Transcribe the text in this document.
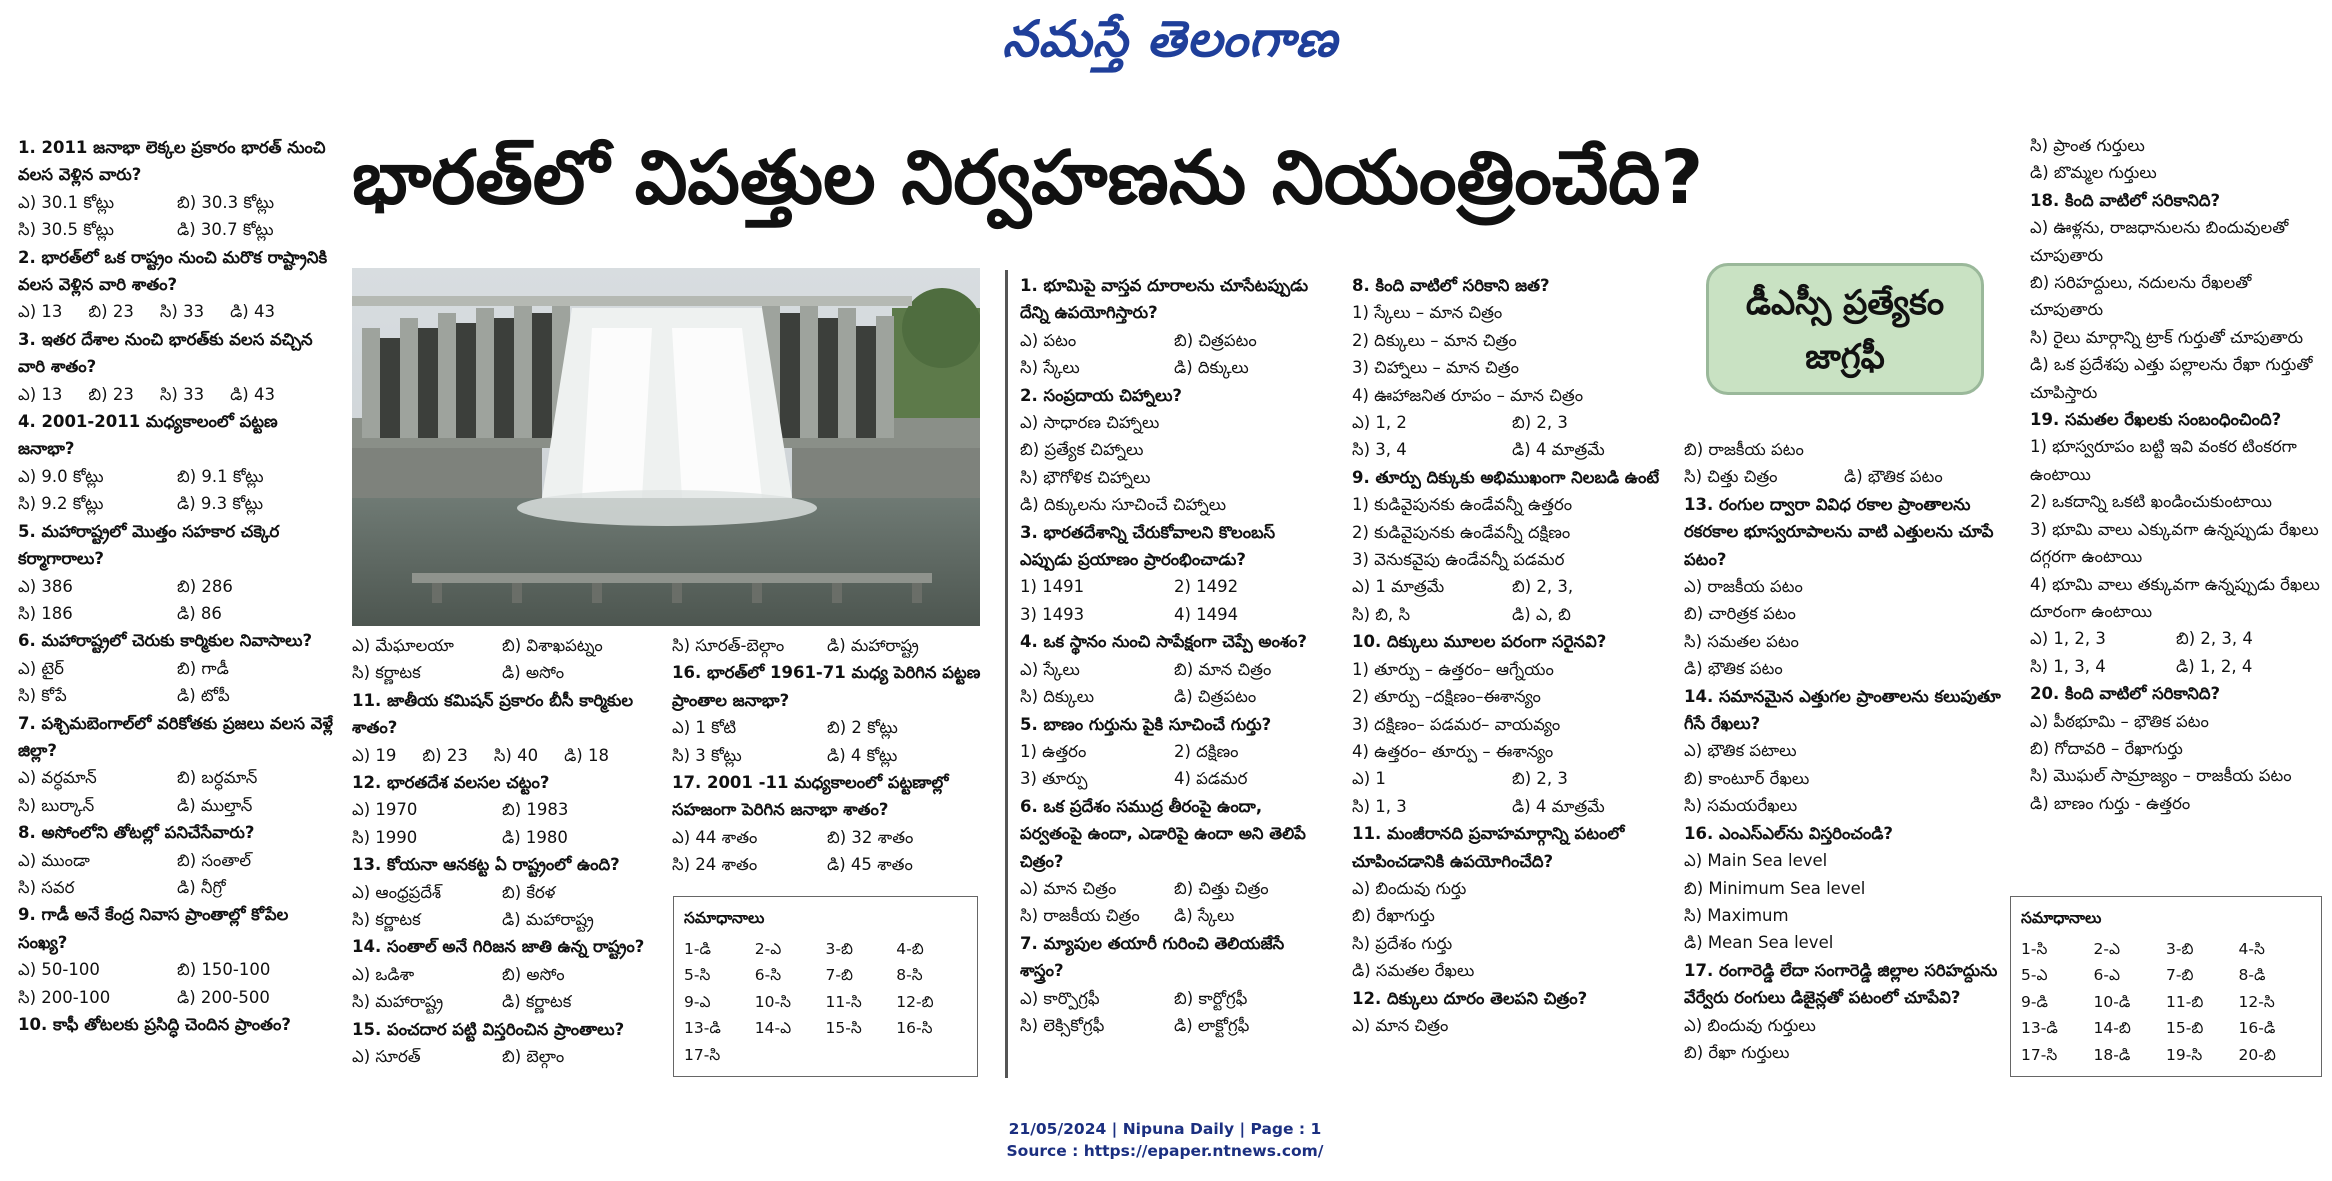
నమస్తే తెలంగాణ
భారత్‌లో విపత్తుల నిర్వహణను నియంత్రించేది?
1. 2011 జనాభా లెక్కల ప్రకారం భారత్ నుంచి వలస వెళ్లిన వారు?
ఎ) 30.1 కోట్లు	బి) 30.3 కోట్లు
సి) 30.5 కోట్లు	డి) 30.7 కోట్లు
2. భారత్‌లో ఒక రాష్ట్రం నుంచి మరొక రాష్ట్రానికి వలస వెళ్లిన వారి శాతం?
ఎ) 13 బి) 23 సి) 33 డి) 43
3. ఇతర దేశాల నుంచి భారత్‌కు వలస వచ్చిన వారి శాతం?
ఎ) 13 బి) 23 సి) 33 డి) 43
4. 2001-2011 మధ్యకాలంలో పట్టణ జనాభా?
ఎ) 9.0 కోట్లు	బి) 9.1 కోట్లు
సి) 9.2 కోట్లు	డి) 9.3 కోట్లు
5. మహారాష్ట్రలో మొత్తం సహకార చక్కెర కర్మాగారాలు?
ఎ) 386	బి) 286
సి) 186	డి) 86
6. మహారాష్ట్రలో చెరుకు కార్మికుల నివాసాలు?
ఎ) టైర్	బి) గాడీ
సి) కోపే	డి) టోపీ
7. పశ్చిమబెంగాల్‌లో వరికోతకు ప్రజలు వలస వెళ్లే జిల్లా?
ఎ) వర్ధమాన్	బి) బర్ధమాన్
సి) బుర్కాన్	డి) ముల్తాన్
8. అసోంలోని తోటల్లో పనిచేసేవారు?
ఎ) ముండా	బి) సంతాల్
సి) సవర	డి) నీగ్రో
9. గాడీ అనే కేంద్ర నివాస ప్రాంతాల్లో కోపేల సంఖ్య?
ఎ) 50-100	బి) 150-100
సి) 200-100	డి) 200-500
10. కాఫీ తోటలకు ప్రసిద్ధి చెందిన ప్రాంతం?
ఎ) మేఘాలయా	బి) విశాఖపట్నం
సి) కర్ణాటక	డి) అసోం
11. జాతీయ కమిషన్ ప్రకారం బీసీ కార్మికుల శాతం?
ఎ) 19 బి) 23 సి) 40 డి) 18
12. భారతదేశ వలసల చట్టం?
ఎ) 1970	బి) 1983
సి) 1990	డి) 1980
13. కోయనా ఆనకట్ట ఏ రాష్ట్రంలో ఉంది?
ఎ) ఆంధ్రప్రదేశ్	బి) కేరళ
సి) కర్ణాటక	డి) మహారాష్ట్ర
14. సంతాల్ అనే గిరిజన జాతి ఉన్న రాష్ట్రం?
ఎ) ఒడిశా	బి) అసోం
సి) మహారాష్ట్ర	డి) కర్ణాటక
15. పంచదార పట్టి విస్తరించిన ప్రాంతాలు?
ఎ) సూరత్	బి) బెల్గాం
సి) సూరత్-బెల్గాం	డి) మహారాష్ట్ర
16. భారత్‌లో 1961-71 మధ్య పెరిగిన పట్టణ ప్రాంతాల జనాభా?
ఎ) 1 కోటి	బి) 2 కోట్లు
సి) 3 కోట్లు	డి) 4 కోట్లు
17. 2001 -11 మధ్యకాలంలో పట్టణాల్లో సహజంగా పెరిగిన జనాభా శాతం?
ఎ) 44 శాతం	బి) 32 శాతం
సి) 24 శాతం	డి) 45 శాతం
సమాధానాలు
1-డి	2-ఎ	3-బి	4-బి
5-సి	6-సి	7-బి	8-సి
9-ఎ	10-సి	11-సి	12-బి
13-డి	14-ఎ	15-సి	16-సి
17-సి
1. భూమిపై వాస్తవ దూరాలను చూసేటప్పుడు దేన్ని ఉపయోగిస్తారు?
ఎ) పటం	బి) చిత్రపటం
సి) స్కేలు	డి) దిక్కులు
2. సంప్రదాయ చిహ్నాలు?
ఎ) సాధారణ చిహ్నాలు
బి) ప్రత్యేక చిహ్నాలు
సి) భౌగోళిక చిహ్నాలు
డి) దిక్కులను సూచించే చిహ్నాలు
3. భారతదేశాన్ని చేరుకోవాలని కొలంబస్ ఎప్పుడు ప్రయాణం ప్రారంభించాడు?
1) 1491	2) 1492
3) 1493	4) 1494
4. ఒక స్థానం నుంచి సాపేక్షంగా చెప్పే అంశం?
ఎ) స్కేలు	బి) మాన చిత్రం
సి) దిక్కులు	డి) చిత్రపటం
5. బాణం గుర్తును పైకి సూచించే గుర్తు?
1) ఉత్తరం	2) దక్షిణం
3) తూర్పు	4) పడమర
6. ఒక ప్రదేశం సముద్ర తీరంపై ఉందా, పర్వతంపై ఉందా, ఎడారిపై ఉందా అని తెలిపే చిత్రం?
ఎ) మాన చిత్రం	బి) చిత్తు చిత్రం
సి) రాజకీయ చిత్రం	డి) స్కేలు
7. మ్యాపుల తయారీ గురించి తెలియజేసే శాస్త్రం?
ఎ) కార్పొగ్రఫీ	బి) కార్టోగ్రఫీ
సి) లెక్సికోగ్రఫీ	డి) లాక్టోగ్రఫీ
8. కింది వాటిలో సరికాని జత?
1) స్కేలు – మాన చిత్రం
2) దిక్కులు – మాన చిత్రం
3) చిహ్నాలు – మాన చిత్రం
4) ఊహాజనిత రూపం – మాన చిత్రం
ఎ) 1, 2	బి) 2, 3
సి) 3, 4	డి) 4 మాత్రమే
9. తూర్పు దిక్కుకు అభిముఖంగా నిలబడి ఉంటే
1) కుడివైపునకు ఉండేవన్నీ ఉత్తరం
2) కుడివైపునకు ఉండేవన్నీ దక్షిణం
3) వెనుకవైపు ఉండేవన్నీ పడమర
ఎ) 1 మాత్రమే	బి) 2, 3,
సి) బి, సి	డి) ఎ, బి
10. దిక్కులు మూలల పరంగా సరైనవి?
1) తూర్పు – ఉత్తరం– ఆగ్నేయం
2) తూర్పు –దక్షిణం–ఈశాన్యం
3) దక్షిణం– పడమర– వాయవ్యం
4) ఉత్తరం– తూర్పు – ఈశాన్యం
ఎ) 1	బి) 2, 3
సి) 1, 3	డి) 4 మాత్రమే
11. మంజీరానది ప్రవాహమార్గాన్ని పటంలో చూపించడానికి ఉపయోగించేది?
ఎ) బిందువు గుర్తు
బి) రేఖాగుర్తు
సి) ప్రదేశం గుర్తు
డి) సమతల రేఖలు
12. దిక్కులు దూరం తెలపని చిత్రం?
ఎ) మాన చిత్రం
డీఎస్సీ ప్రత్యేకం
జాగ్రఫీ
బి) రాజకీయ పటం
సి) చిత్తు చిత్రం	డి) భౌతిక పటం
13. రంగుల ద్వారా వివిధ రకాల ప్రాంతాలను రకరకాల భూస్వరూపాలను వాటి ఎత్తులను చూపే పటం?
ఎ) రాజకీయ పటం
బి) చారిత్రక పటం
సి) సమతల పటం
డి) భౌతిక పటం
14. సమానమైన ఎత్తుగల ప్రాంతాలను కలుపుతూ గీసే రేఖలు?
ఎ) భౌతిక పటాలు
బి) కాంటూర్ రేఖలు
సి) సమయరేఖలు
16. ఎంఎస్ఎల్‌ను విస్తరించండి?
ఎ) Main Sea level
బి) Minimum Sea level
సి) Maximum
డి) Mean Sea level
17. రంగారెడ్డి లేదా సంగారెడ్డి జిల్లాల సరిహద్దును వేర్వేరు రంగులు డిజైన్లతో పటంలో చూపేవి?
ఎ) బిందువు గుర్తులు
బి) రేఖా గుర్తులు
సి) ప్రాంత గుర్తులు
డి) బొమ్మల గుర్తులు
18. కింది వాటిలో సరికానిది?
ఎ) ఊళ్లను, రాజధానులను బిందువులతో చూపుతారు
బి) సరిహద్దులు, నదులను రేఖలతో చూపుతారు
సి) రైలు మార్గాన్ని ట్రాక్ గుర్తుతో చూపుతారు
డి) ఒక ప్రదేశపు ఎత్తు పల్లాలను రేఖా గుర్తుతో చూపిస్తారు
19. సమతల రేఖలకు సంబంధించింది?
1) భూస్వరూపం బట్టి ఇవి వంకర టింకరగా ఉంటాయి
2) ఒకదాన్ని ఒకటి ఖండించుకుంటాయి
3) భూమి వాలు ఎక్కువగా ఉన్నప్పుడు రేఖలు దగ్గరగా ఉంటాయి
4) భూమి వాలు తక్కువగా ఉన్నప్పుడు రేఖలు దూరంగా ఉంటాయి
ఎ) 1, 2, 3	బి) 2, 3, 4
సి) 1, 3, 4	డి) 1, 2, 4
20. కింది వాటిలో సరికానిది?
ఎ) పీఠభూమి – భౌతిక పటం
బి) గోదావరి – రేఖాగుర్తు
సి) మొఘల్ సామ్రాజ్యం – రాజకీయ పటం
డి) బాణం గుర్తు - ఉత్తరం
సమాధానాలు
1-సి	2-ఎ	3-బి	4-సి
5-ఎ	6-ఎ	7-బి	8-డి
9-డి	10-డి	11-బి	12-సి
13-డి	14-బి	15-బి	16-డి
17-సి	18-డి	19-సి	20-బి
21/05/2024 | Nipuna Daily | Page : 1
Source : https://epaper.ntnews.com/
